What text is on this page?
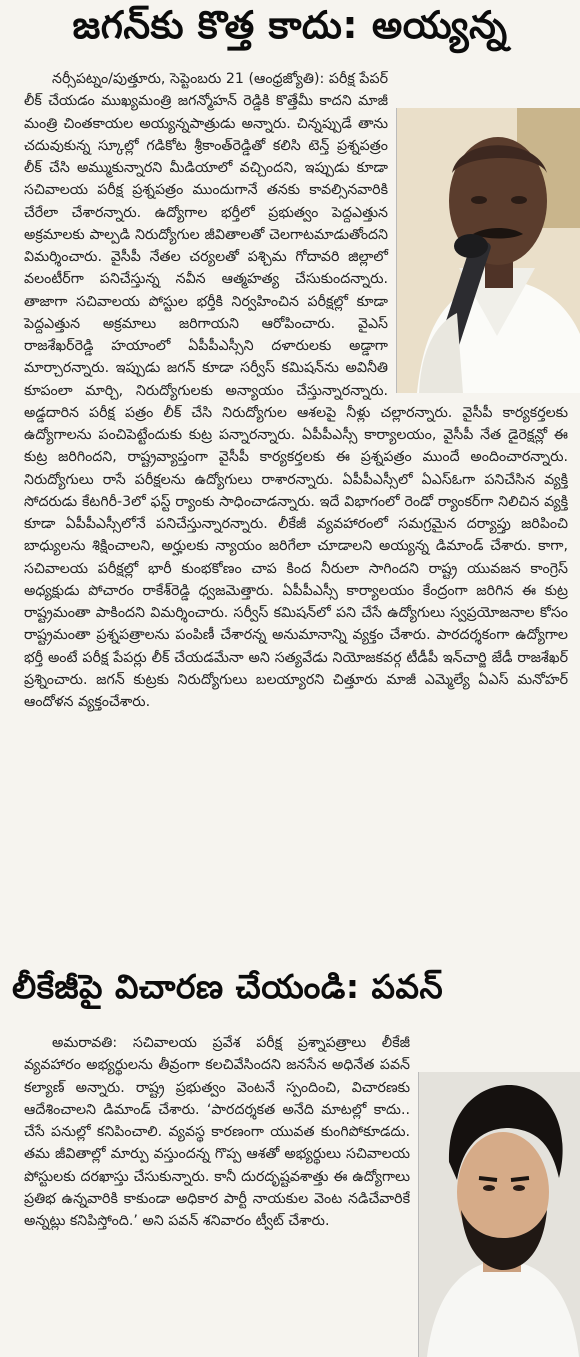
జగన్‌కు కొత్త కాదు: అయ్యన్న

నర్సీపట్నం/పుత్తూరు, సెప్టెంబరు 21 (ఆంధ్రజ్యోతి): పరీక్ష పేపర్ లీక్ చేయడం ముఖ్యమంత్రి జగన్మోహన్ రెడ్డికి కొత్తేమీ కాదని మాజీ మంత్రి చింతకాయల అయ్యన్నపాత్రుడు అన్నారు. చిన్నప్పుడే తాను చదువుకున్న స్కూల్లో గడికోట శ్రీకాంత్‌రెడ్డితో కలిసి టెన్త్ ప్రశ్నపత్రం లీక్ చేసి అమ్ముకున్నారని మీడియాలో వచ్చిందని, ఇప్పుడు కూడా సచివాలయ పరీక్ష ప్రశ్నపత్రం ముందుగానే తనకు కావల్సినవారికి చేరేలా చేశారన్నారు. ఉద్యోగాల భర్తీలో ప్రభుత్వం పెద్దఎత్తున అక్రమాలకు పాల్పడి నిరుద్యోగుల జీవితాలతో చెలగాటమాడుతోందని విమర్శించారు. వైసీపీ నేతల చర్యలతో పశ్చిమ గోదావరి జిల్లాలో వలంటీర్‌గా పనిచేస్తున్న నవీన ఆత్మహత్య చేసుకుందన్నారు. తాజాగా సచివాలయ పోస్టుల భర్తీకి నిర్వహించిన పరీక్షల్లో కూడా పెద్దఎత్తున అక్రమాలు జరిగాయని ఆరోపించారు. వైఎస్ రాజశేఖర్‌రెడ్డి హయాంలో ఏపీపీఎస్సీని దళారులకు అడ్డాగా మార్చారన్నారు. ఇప్పుడు జగన్ కూడా సర్వీస్ కమిషన్‌ను అవినీతి కూపంలా మార్చి, నిరుద్యోగులకు అన్యాయం చేస్తున్నారన్నారు. అడ్డదారిన పరీక్ష పత్రం లీక్ చేసి నిరుద్యోగుల ఆశలపై నీళ్లు చల్లారన్నారు. వైసీపీ కార్యకర్తలకు ఉద్యోగాలను పంచిపెట్టేందుకు కుట్ర పన్నారన్నారు. ఏపీపీఎస్సీ కార్యాలయం, వైసీపీ నేత డైరెక్షన్లో ఈ కుట్ర జరిగిందని, రాష్ట్రవ్యాప్తంగా వైసీపీ కార్యకర్తలకు ఈ ప్రశ్నపత్రం ముందే అందించారన్నారు. నిరుద్యోగులు రాసే పరీక్షలను ఉద్యోగులు రాశారన్నారు. ఏపీపీఎస్సీలో ఏఎస్ఓగా పనిచేసిన వ్యక్తి సోదరుడు కేటగిరీ-3లో ఫస్ట్ ర్యాంకు సాధించాడన్నారు. ఇదే విభాగంలో రెండో ర్యాంకర్‌గా నిలిచిన వ్యక్తి కూడా ఏపీపీఎస్సీలోనే పనిచేస్తున్నారన్నారు. లీకేజీ వ్యవహారంలో సమగ్రమైన దర్యాప్తు జరిపించి బాధ్యులను శిక్షించాలని, అర్హులకు న్యాయం జరిగేలా చూడాలని అయ్యన్న డిమాండ్ చేశారు. కాగా, సచివాలయ పరీక్షల్లో భారీ కుంభకోణం చాప కింద నీరులా సాగిందని రాష్ట్ర యువజన కాంగ్రెస్ అధ్యక్షుడు పోచారం రాకేశ్‌రెడ్డి ధ్వజమెత్తారు. ఏపీపీఎస్సీ కార్యాలయం కేంద్రంగా జరిగిన ఈ కుట్ర రాష్ట్రమంతా పాకిందని విమర్శించారు. సర్వీస్ కమిషన్‌లో పని చేసే ఉద్యోగులు స్వప్రయోజనాల కోసం రాష్ట్రమంతా ప్రశ్నపత్రాలను పంపిణీ చేశారన్న అనుమానాన్ని వ్యక్తం చేశారు. పారదర్శకంగా ఉద్యోగాల భర్తీ అంటే పరీక్ష పేపర్లు లీక్ చేయడమేనా అని సత్యవేడు నియోజకవర్గ టీడీపీ ఇన్‌చార్జి జేడీ రాజశేఖర్ ప్రశ్నించారు. జగన్ కుట్రకు నిరుద్యోగులు బలయ్యారని చిత్తూరు మాజీ ఎమ్మెల్యే ఏఎస్ మనోహర్ ఆందోళన వ్యక్తంచేశారు.

లీకేజీపై విచారణ చేయండి: పవన్

అమరావతి: సచివాలయ ప్రవేశ పరీక్ష ప్రశ్నాపత్రాలు లీకేజీ వ్యవహారం అభ్యర్థులను తీవ్రంగా కలచివేసిందని జనసేన అధినేత పవన్ కల్యాణ్ అన్నారు. రాష్ట్ర ప్రభుత్వం వెంటనే స్పందించి, విచారణకు ఆదేశించాలని డిమాండ్ చేశారు. ‘పారదర్శకత అనేది మాటల్లో కాదు.. చేసే పనుల్లో కనిపించాలి. వ్యవస్థ కారణంగా యువత కుంగిపోకూడదు. తమ జీవితాల్లో మార్పు వస్తుందన్న గొప్ప ఆశతో అభ్యర్థులు సచివాలయ పోస్టులకు దరఖాస్తు చేసుకున్నారు. కానీ దురదృష్టవశాత్తు ఈ ఉద్యోగాలు ప్రతిభ ఉన్నవారికి కాకుండా అధికార పార్టీ నాయకుల వెంట నడిచేవారికే అన్నట్లు కనిపిస్తోంది.’ అని పవన్ శనివారం ట్వీట్ చేశారు.
